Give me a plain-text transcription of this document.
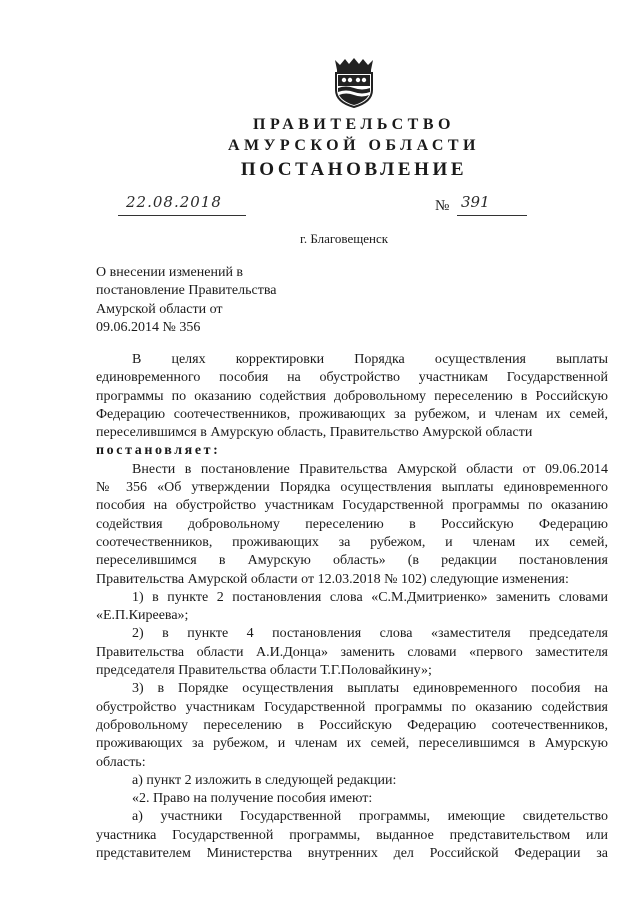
ПРАВИТЕЛЬСТВО
АМУРСКОЙ ОБЛАСТИ
ПОСТАНОВЛЕНИЕ
22.08.2018	№ 391
г. Благовещенск
О внесении изменений в
постановление Правительства
Амурской области от
09.06.2014 № 356
В целях корректировки Порядка осуществления выплаты
единовременного пособия на обустройство участникам Государственной
программы по оказанию содействия добровольному переселению в Российскую
Федерацию соотечественников, проживающих за рубежом, и членам их семей,
переселившимся в Амурскую область, Правительство Амурской области
постановляет:
Внести в постановление Правительства Амурской области от 09.06.2014
№ 356 «Об утверждении Порядка осуществления выплаты единовременного
пособия на обустройство участникам Государственной программы по оказанию
содействия добровольному переселению в Российскую Федерацию
соотечественников, проживающих за рубежом, и членам их семей,
переселившимся в Амурскую область» (в редакции постановления
Правительства Амурской области от 12.03.2018 № 102) следующие изменения:
1) в пункте 2 постановления слова «С.М.Дмитриенко» заменить словами
«Е.П.Киреева»;
2) в пункте 4 постановления слова «заместителя председателя
Правительства области А.И.Донца» заменить словами «первого заместителя
председателя Правительства области Т.Г.Половайкину»;
3) в Порядке осуществления выплаты единовременного пособия на
обустройство участникам Государственной программы по оказанию содействия
добровольному переселению в Российскую Федерацию соотечественников,
проживающих за рубежом, и членам их семей, переселившимся в Амурскую
область:
а) пункт 2 изложить в следующей редакции:
«2. Право на получение пособия имеют:
а) участники Государственной программы, имеющие свидетельство
участника Государственной программы, выданное представительством или
представителем Министерства внутренних дел Российской Федерации за
